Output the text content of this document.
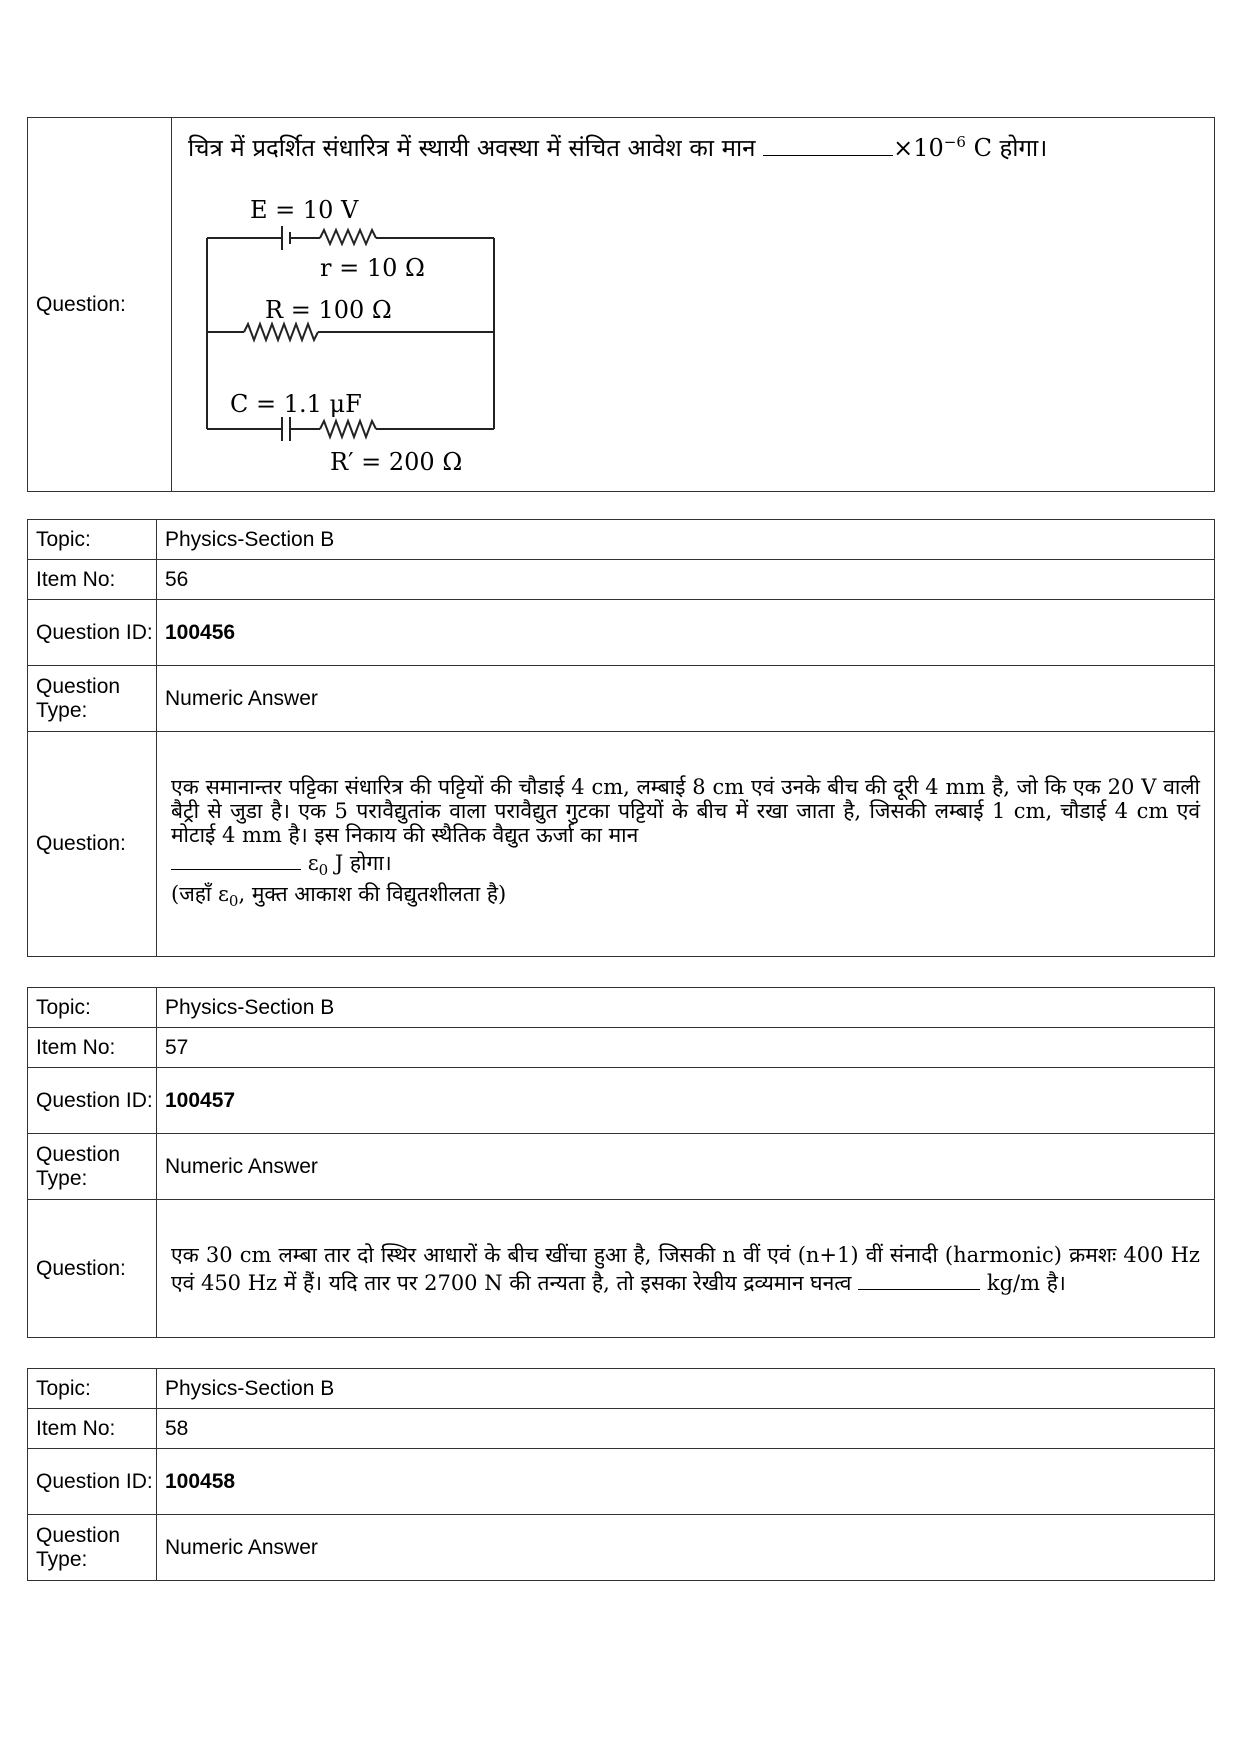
Question:	
चित्र में प्रदर्शित संधारित्र में स्थायी अवस्था में संचित आवेश का मान	$\times 10^{-6}$ C होगा।
E = 10 V
r = 10 Ω
R = 100 Ω
C = 1.1 μF
R′ = 200 Ω
Topic:	Physics-Section B
Item No:	56
Question ID:	100456
Question Type:	Numeric Answer
Question:	एक समानान्तर पट्टिका संधारित्र की पट्टियों की चौडाई 4 cm, लम्बाई 8 cm एवं उनके बीच की दूरी 4 mm है, जो कि एक 20 V वाली बैट्री से जुडा है। एक 5 परावैद्युतांक वाला परावैद्युत गुटका पट्टियों के बीच में रखा जाता है, जिसकी लम्बाई 1 cm, चौडाई 4 cm एवं मोटाई 4 mm है। इस निकाय की स्थैतिक वैद्युत ऊर्जा का मान
$\varepsilon_0$ J होगा।
(जहाँ $\varepsilon_0$, मुक्त आकाश की विद्युतशीलता है)
Topic:	Physics-Section B
Item No:	57
Question ID:	100457
Question Type:	Numeric Answer
Question:	एक 30 cm लम्बा तार दो स्थिर आधारों के बीच खींचा हुआ है, जिसकी n वीं एवं (n+1) वीं संनादी (harmonic) क्रमशः 400 Hz एवं 450 Hz में हैं। यदि तार पर 2700 N की तन्यता है, तो इसका रेखीय द्रव्यमान घनत्व kg/m है।
Topic:	Physics-Section B
Item No:	58
Question ID:	100458
Question Type:	Numeric Answer
